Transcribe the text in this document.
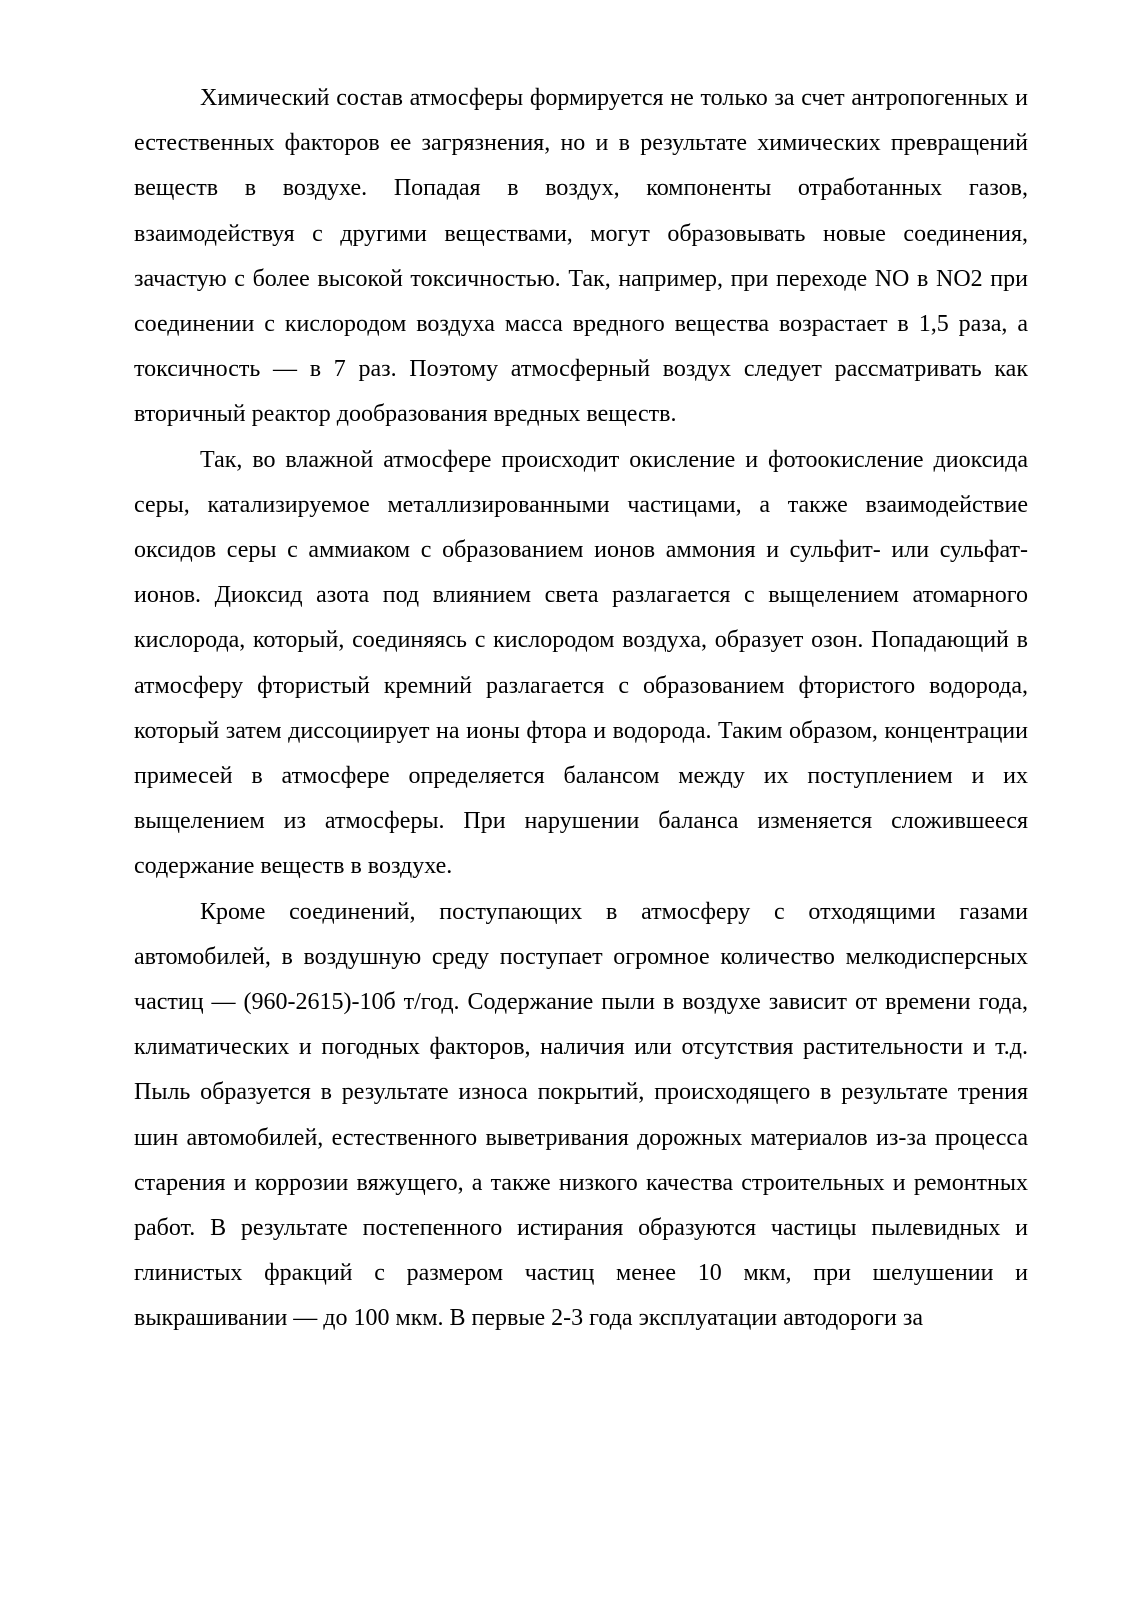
Химический состав атмосферы формируется не только за счет антропогенных и естественных факторов ее загрязнения, но и в результате химических превращений веществ в воздухе. Попадая в воздух, компоненты отработанных газов, взаимодействуя с другими веществами, могут образовывать новые соединения, зачастую с более высокой токсичностью. Так, например, при переходе NO в NO2 при соединении с кислородом воздуха масса вредного вещества возрастает в 1,5 раза, а токсичность — в 7 раз. Поэтому атмосферный воздух следует рассматривать как вторичный реактор дообразования вредных веществ.

Так, во влажной атмосфере происходит окисление и фотоокисление диоксида серы, катализируемое металлизированными частицами, а также взаимодействие оксидов серы с аммиаком с образованием ионов аммония и сульфит- или сульфат-ионов. Диоксид азота под влиянием света разлагается с выщелением атомарного кислорода, который, соединяясь с кислородом воздуха, образует озон. Попадающий в атмосферу фтористый кремний разлагается с образованием фтористого водорода, который затем диссоциирует на ионы фтора и водорода. Таким образом, концентрации примесей в атмосфере определяется балансом между их поступлением и их выщелением из атмосферы. При нарушении баланса изменяется сложившееся содержание веществ в воздухе.

Кроме соединений, поступающих в атмосферу с отходящими газами автомобилей, в воздушную среду поступает огромное количество мелкодисперсных частиц — (960-2615)-10б т/год. Содержание пыли в воздухе зависит от времени года, климатических и погодных факторов, наличия или отсутствия растительности и т.д. Пыль образуется в результате износа покрытий, происходящего в результате трения шин автомобилей, естественного выветривания дорожных материалов из-за процесса старения и коррозии вяжущего, а также низкого качества строительных и ремонтных работ. В результате постепенного истирания образуются частицы пылевидных и глинистых фракций с размером частиц менее 10 мкм, при шелушении и выкрашивании — до 100 мкм. В первые 2-3 года эксплуатации автодороги за
